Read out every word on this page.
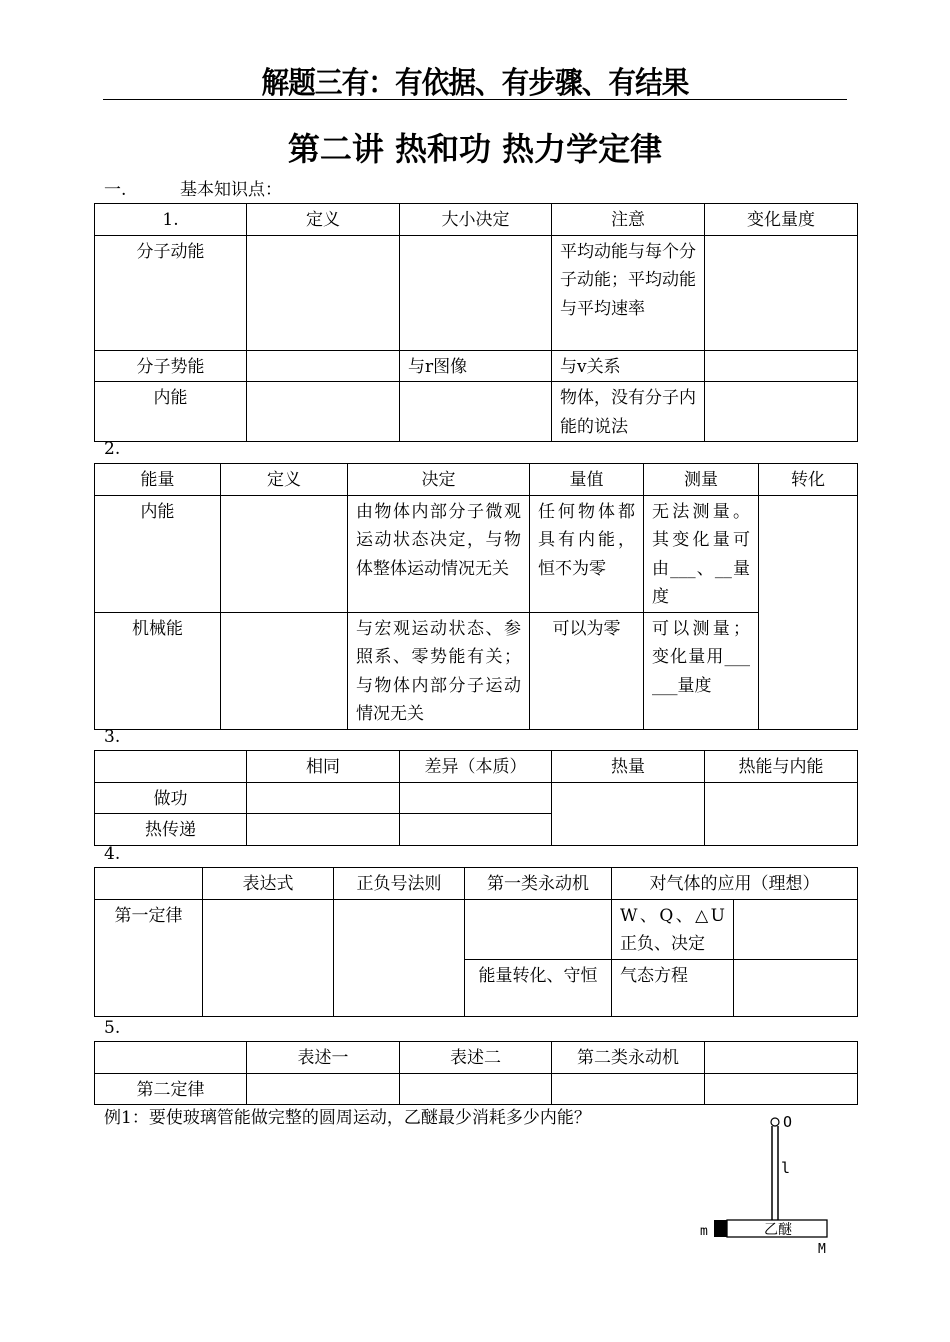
解题三有：有依据、有步骤、有结果
第二讲 热和功 热力学定律
一.	基本知识点：
1.	定义	大小决定	注意	变化量度
分子动能			平均动能与每个分子动能；平均动能与平均速率	
分子势能		与r图像	与v关系	
内能			物体，没有分子内能的说法	
2.
能量	定义	决定	量值	测量	转化
内能		由物体内部分子微观运动状态决定，与物体整体运动情况无关	任何物体都具有内能，恒不为零	无法测量。其变化量可由___、__量度	
机械能		与宏观运动状态、参照系、零势能有关；与物体内部分子运动情况无关	可以为零	可以测量；变化量用______量度	
3.
	相同	差异（本质）	热量	热能与内能
做功				
热传递				
4.
	表达式	正负号法则	第一类永动机	对气体的应用（理想）	
第一定律				W、Q、△U正负、决定	
			能量转化、守恒	气态方程	
5.
	表述一	表述二	第二类永动机	
第二定律				
例1：要使玻璃管能做完整的圆周运动，乙醚最少消耗多少内能？	O
l
m	乙醚
M
